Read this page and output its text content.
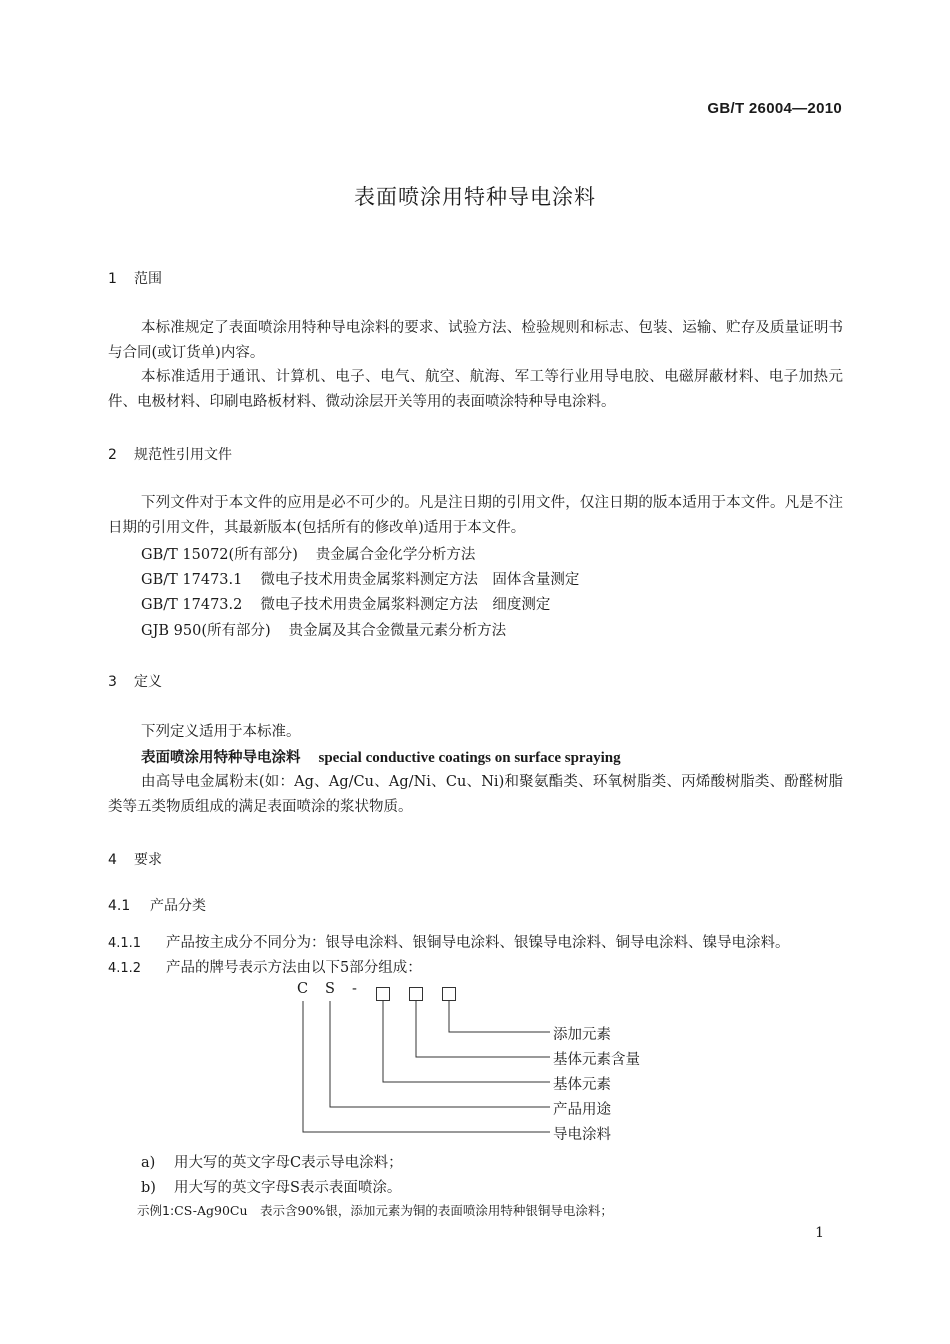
GB/T 26004—2010
表面喷涂用特种导电涂料
1 范围
本标准规定了表面喷涂用特种导电涂料的要求、试验方法、检验规则和标志、包装、运输、贮存及质量证明书与合同(或订货单)内容。
本标准适用于通讯、计算机、电子、电气、航空、航海、军工等行业用导电胶、电磁屏蔽材料、电子加热元件、电极材料、印刷电路板材料、微动涂层开关等用的表面喷涂特种导电涂料。
2 规范性引用文件
下列文件对于本文件的应用是必不可少的。凡是注日期的引用文件，仅注日期的版本适用于本文件。凡是不注日期的引用文件，其最新版本(包括所有的修改单)适用于本文件。
GB/T 15072(所有部分) 贵金属合金化学分析方法
GB/T 17473.1 微电子技术用贵金属浆料测定方法　固体含量测定
GB/T 17473.2 微电子技术用贵金属浆料测定方法　细度测定
GJB 950(所有部分) 贵金属及其合金微量元素分析方法
3 定义
下列定义适用于本标准。
表面喷涂用特种导电涂料 special conductive coatings on surface spraying
由高导电金属粉末(如：Ag、Ag/Cu、Ag/Ni、Cu、Ni)和聚氨酯类、环氧树脂类、丙烯酸树脂类、酚醛树脂类等五类物质组成的满足表面喷涂的浆状物质。
4 要求
4.1 产品分类
4.1.1 产品按主成分不同分为：银导电涂料、银铜导电涂料、银镍导电涂料、铜导电涂料、镍导电涂料。
4.1.2 产品的牌号表示方法由以下5部分组成：
C S -
添加元素
基体元素含量
基体元素
产品用途
导电涂料
a) 用大写的英文字母C表示导电涂料；
b) 用大写的英文字母S表示表面喷涂。
示例1:CS-Ag90Cu　表示含90%银，添加元素为铜的表面喷涂用特种银铜导电涂料；
1
